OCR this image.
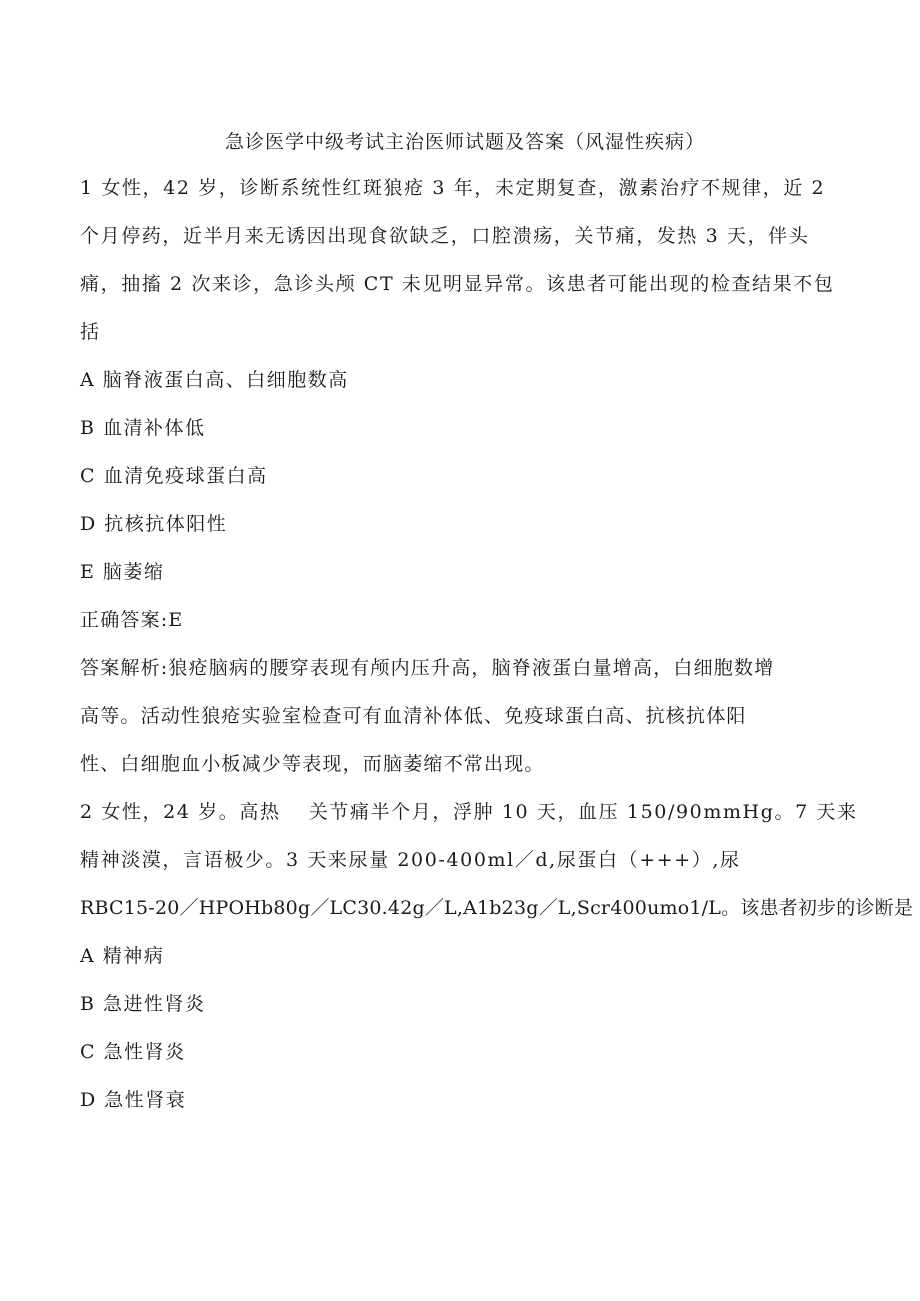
急诊医学中级考试主治医师试题及答案（风湿性疾病）

1 女性，42 岁，诊断系统性红斑狼疮 3 年，未定期复查，激素治疗不规律，近 2

个月停药，近半月来无诱因出现食欲缺乏，口腔溃疡，关节痛，发热 3 天，伴头

痛，抽搐 2 次来诊，急诊头颅 CT 未见明显异常。该患者可能出现的检查结果不包

括

A 脑脊液蛋白高、白细胞数高

B 血清补体低

C 血清免疫球蛋白高

D 抗核抗体阳性

E 脑萎缩

正确答案:E

答案解析:狼疮脑病的腰穿表现有颅内压升高，脑脊液蛋白量增高，白细胞数增

高等。活动性狼疮实验室检查可有血清补体低、免疫球蛋白高、抗核抗体阳

性、白细胞血小板减少等表现，而脑萎缩不常出现。

2 女性，24 岁。高热　 关节痛半个月，浮肿 10 天，血压 150/90mmHg。7 天来

精神淡漠，言语极少。3 天来尿量 200-400ml／d,尿蛋白（+++）,尿

RBC15-20／HPOHb80g／LC30.42g／L,A1b23g／L,Scr400umo1/L。该患者初步的诊断是

A 精神病

B 急进性肾炎

C 急性肾炎

D 急性肾衰
